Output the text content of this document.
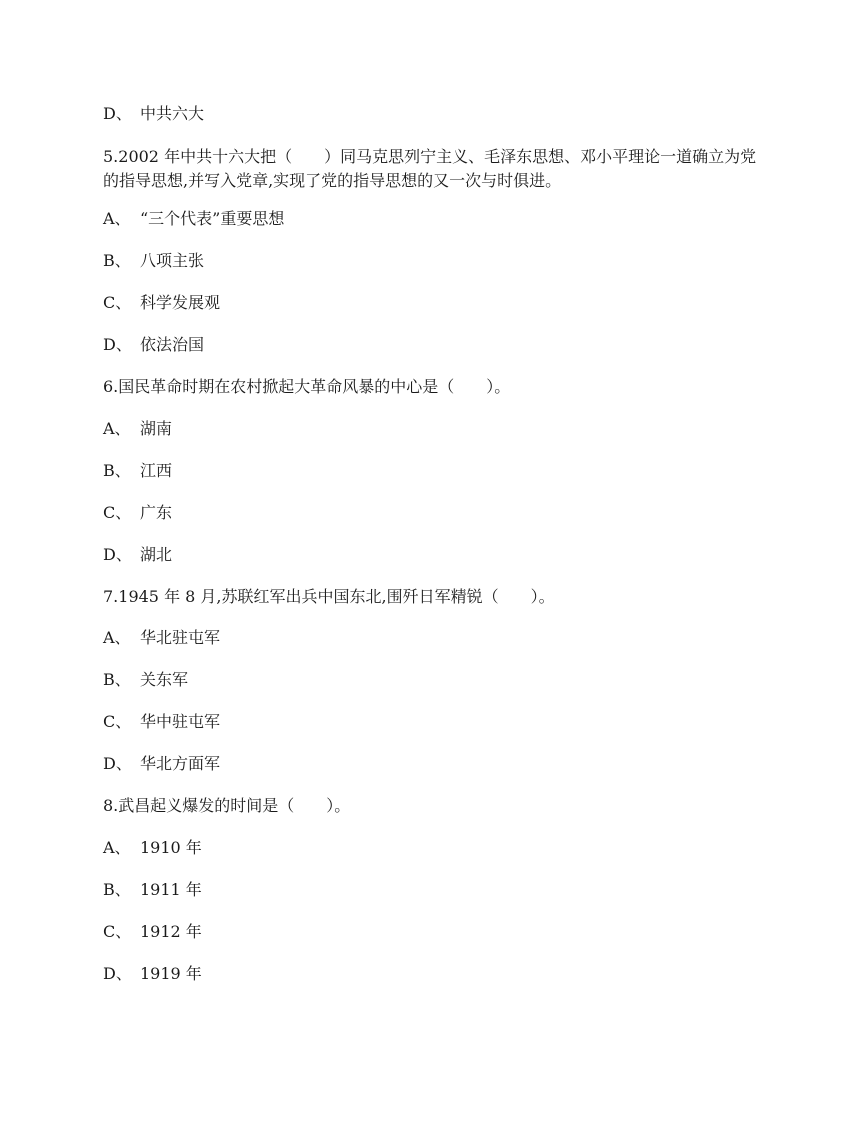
D、 中共六大
5.2002 年中共十六大把（　　）同马克思列宁主义、毛泽东思想、邓小平理论一道确立为党的指导思想,并写入党章,实现了党的指导思想的又一次与时俱进。
A、 “三个代表”重要思想
B、 八项主张
C、 科学发展观
D、 依法治国
6.国民革命时期在农村掀起大革命风暴的中心是（　　）。
A、 湖南
B、 江西
C、 广东
D、 湖北
7.1945 年 8 月,苏联红军出兵中国东北,围歼日军精锐（　　）。
A、 华北驻屯军
B、 关东军
C、 华中驻屯军
D、 华北方面军
8.武昌起义爆发的时间是（　　）。
A、 1910 年
B、 1911 年
C、 1912 年
D、 1919 年
